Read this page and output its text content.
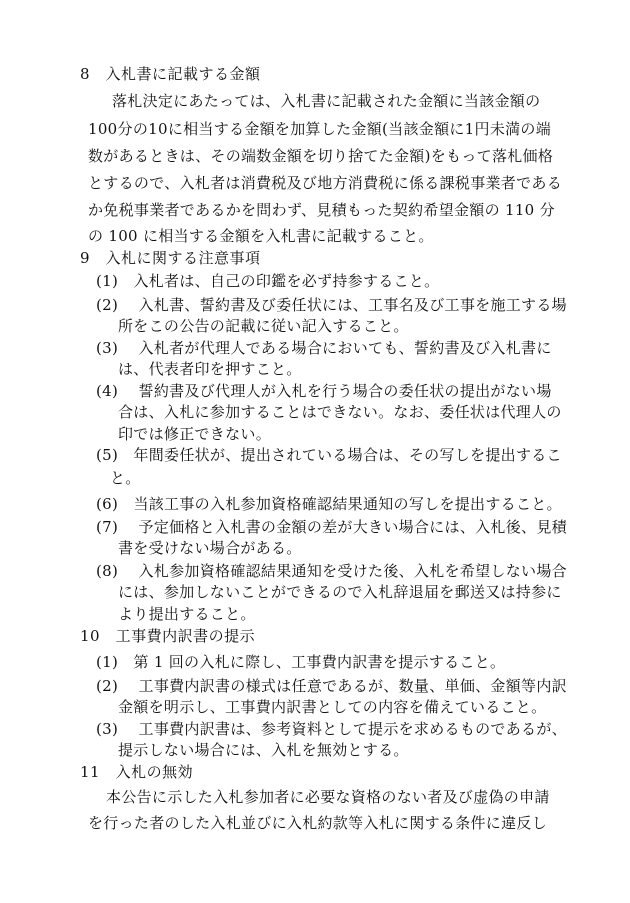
8　入札書に記載する金額
落札決定にあたっては、入札書に記載された金額に当該金額の
100分の10に相当する金額を加算した金額(当該金額に1円未満の端
数があるときは、その端数金額を切り捨てた金額)をもって落札価格
とするので、入札者は消費税及び地方消費税に係る課税事業者である
か免税事業者であるかを問わず、見積もった契約希望金額の 110 分
の 100 に相当する金額を入札書に記載すること。
9　入札に関する注意事項
(1)　入札者は、自己の印鑑を必ず持参すること。
(2)　 入札書、誓約書及び委任状には、工事名及び工事を施工する場
所をこの公告の記載に従い記入すること。
(3)　 入札者が代理人である場合においても、誓約書及び入札書に
は、代表者印を押すこと。
(4)　 誓約書及び代理人が入札を行う場合の委任状の提出がない場
合は、入札に参加することはできない。なお、委任状は代理人の
印では修正できない。
(5)　年間委任状が、提出されている場合は、その写しを提出するこ
と。
(6)　当該工事の入札参加資格確認結果通知の写しを提出すること。
(7)　 予定価格と入札書の金額の差が大きい場合には、入札後、見積
書を受けない場合がある。
(8)　 入札参加資格確認結果通知を受けた後、入札を希望しない場合
には、参加しないことができるので入札辞退届を郵送又は持参に
より提出すること。
10　工事費内訳書の提示
(1)　第 1 回の入札に際し、工事費内訳書を提示すること。
(2)　 工事費内訳書の様式は任意であるが、数量、単価、金額等内訳
金額を明示し、工事費内訳書としての内容を備えていること。
(3)　 工事費内訳書は、参考資料として提示を求めるものであるが、
提示しない場合には、入札を無効とする。
11　入札の無効
本公告に示した入札参加者に必要な資格のない者及び虚偽の申請
を行った者のした入札並びに入札約款等入札に関する条件に違反し
